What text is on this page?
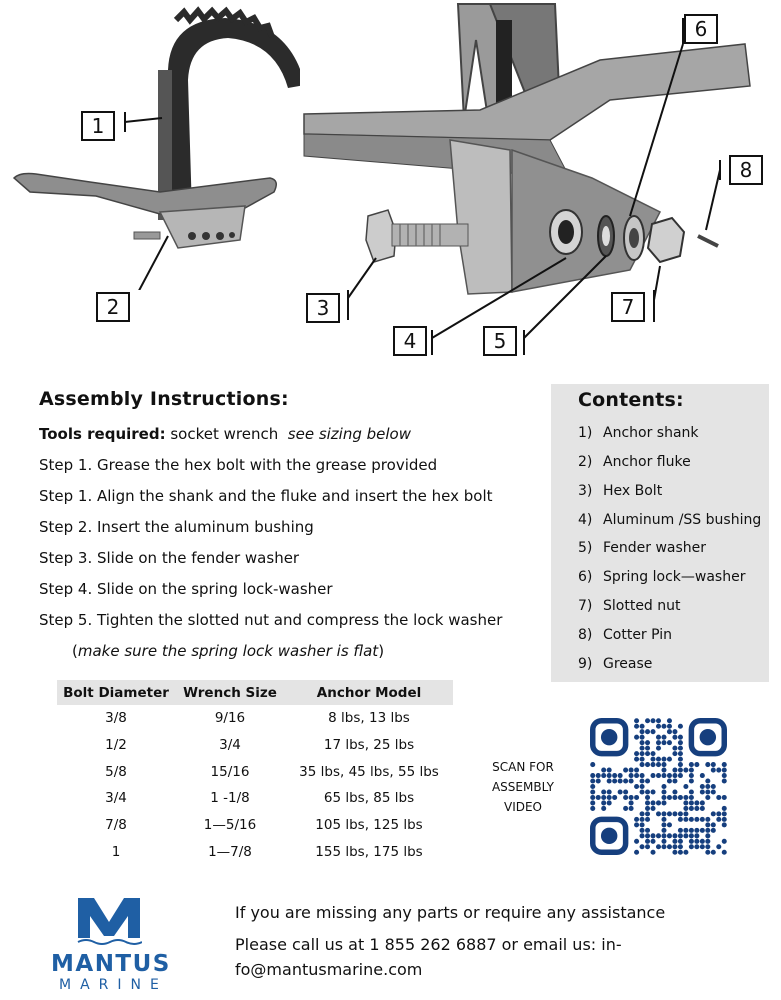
1
2	3
4	5
6
7
8
Assembly Instructions:
Tools required: socket wrench see sizing below
Step 1. Grease the hex bolt with the grease provided
Step 1. Align the shank and the fluke and insert the hex bolt
Step 2. Insert the aluminum bushing
Step 3. Slide on the fender washer
Step 4. Slide on the spring lock-washer
Step 5. Tighten the slotted nut and compress the lock washer
(make sure the spring lock washer is flat)
Contents:
1) Anchor shank
2) Anchor fluke
3) Hex Bolt
4) Aluminum /SS bushing
5) Fender washer
6) Spring lock—washer
7) Slotted nut
8) Cotter Pin
9) Grease
Bolt Diameter	Wrench Size	Anchor Model
3/8	9/16	8 lbs, 13 lbs
1/2	3/4	17 lbs, 25 lbs
5/8	15/16	35 lbs, 45 lbs, 55 lbs
3/4	1 -1/8	65 lbs, 85 lbs
7/8	1—5/16	105 lbs, 125 lbs
1	1—7/8	155 lbs, 175 lbs
SCAN FOR
ASSEMBLY
VIDEO
MANTUS
MARINE
If you are missing any parts or require any assistance
Please call us at 1 855 262 6887 or email us: in-
fo@mantusmarine.com
